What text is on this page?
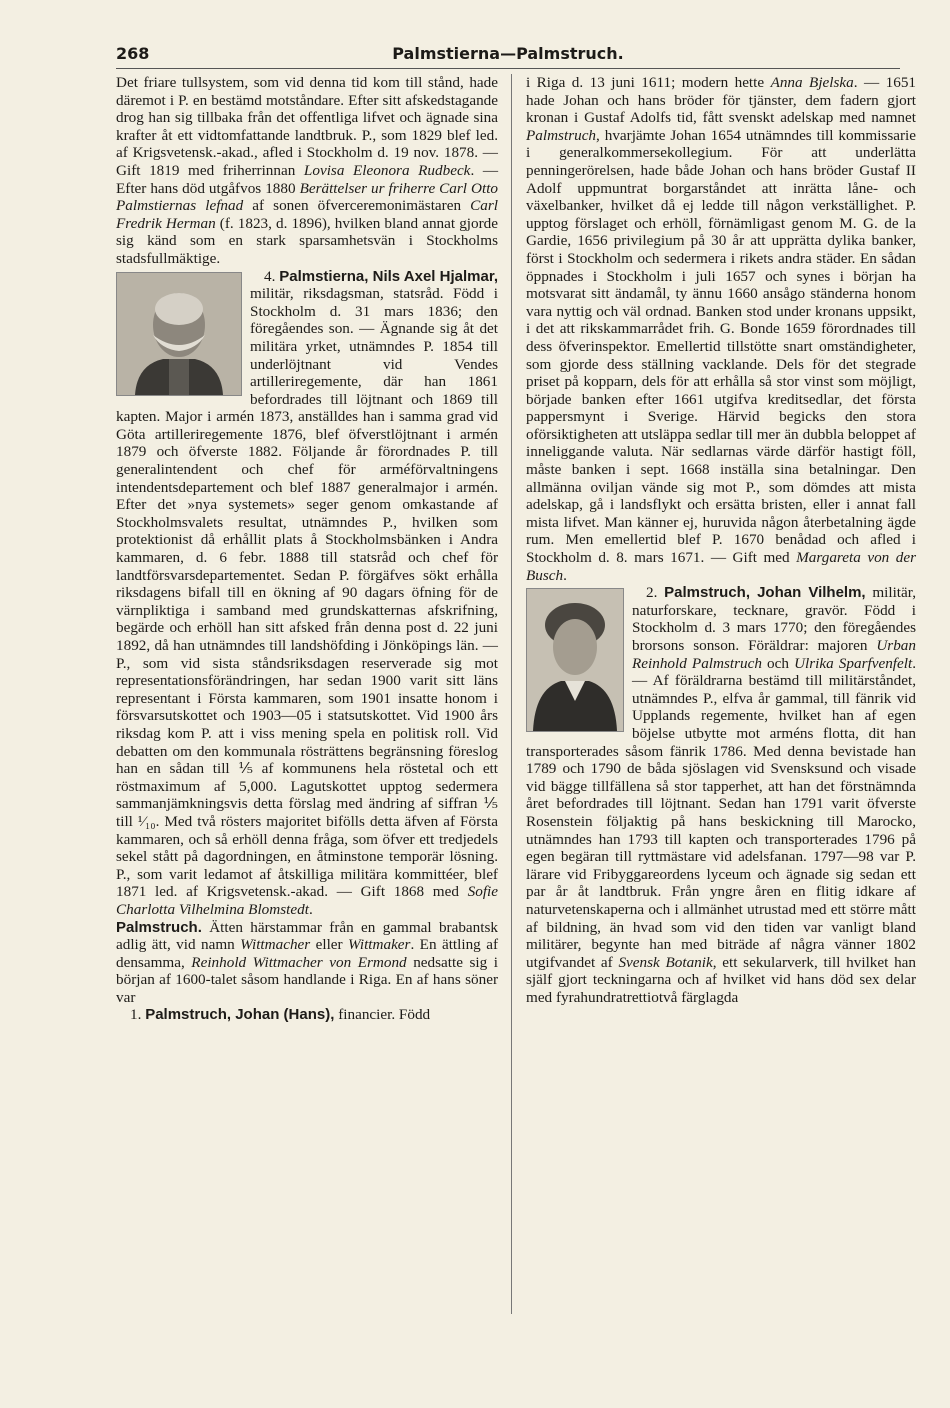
268	Palmstierna—Palmstruch.

Det friare tullsystem, som vid denna tid kom till stånd, hade däremot i P. en bestämd motståndare. Efter sitt afskedstagande drog han sig tillbaka från det offentliga lifvet och ägnade sina krafter åt ett vidtomfattande landtbruk. P., som 1829 blef led. af Krigsvetensk.-akad., afled i Stockholm d. 19 nov. 1878. — Gift 1819 med friherrinnan Lovisa Eleonora Rudbeck. — Efter hans död utgåfvos 1880 Berättelser ur friherre Carl Otto Palmstiernas lefnad af sonen öfverceremonimästaren Carl Fredrik Herman (f. 1823, d. 1896), hvilken bland annat gjorde sig känd som en stark sparsamhetsvän i Stockholms stadsfullmäktige.

4. Palmstierna, Nils Axel Hjalmar,
militär, riksdagsman, statsråd. Född i Stockholm d. 31 mars 1836; den föregåendes son. — Ägnande sig åt det militära yrket, utnämndes P. 1854 till underlöjtnant vid Vendes artilleriregemente, där han 1861 befordrades till löjtnant och 1869 till kapten. Major i armén 1873, anställdes han i samma grad vid Göta artilleriregemente 1876, blef öfverstlöjtnant i armén 1879 och öfverste 1882. Följande år förordnades P. till generalintendent och chef för arméförvaltningens intendentsdepartement och blef 1887 generalmajor i armén. Efter det »nya systemets» seger genom omkastande af Stockholmsvalets resultat, utnämndes P., hvilken som protektionist då erhållit plats å Stockholmsbänken i Andra kammaren, d. 6 febr. 1888 till statsråd och chef för landtförsvarsdepartementet. Sedan P. förgäfves sökt erhålla riksdagens bifall till en ökning af 90 dagars öfning för de värnpliktiga i samband med grundskatternas afskrifning, begärde och erhöll han sitt afsked från denna post d. 22 juni 1892, då han utnämndes till landshöfding i Jönköpings län. — P., som vid sista ståndsriksdagen reserverade sig mot representationsförändringen, har sedan 1900 varit sitt läns representant i Första kammaren, som 1901 insatte honom i försvarsutskottet och 1903—05 i statsutskottet. Vid 1900 års riksdag kom P. att i viss mening spela en politisk roll. Vid debatten om den kommunala rösträttens begränsning föreslog han en sådan till ⅕ af kommunens hela röstetal och ett röstmaximum af 5,000. Lagutskottet upptog sedermera sammanjämkningsvis detta förslag med ändring af siffran ⅕ till ¹⁄₁₀. Med två rösters majoritet bifölls detta äfven af Första kammaren, och så erhöll denna fråga, som öfver ett tredjedels sekel stått på dagordningen, en åtminstone temporär lösning. P., som varit ledamot af åtskilliga militära kommittéer, blef 1871 led. af Krigsvetensk.-akad. — Gift 1868 med Sofie Charlotta Vilhelmina Blomstedt.

Palmstruch. Ätten härstammar från en gammal brabantsk adlig ätt, vid namn Wittmacher eller Wittmaker. En ättling af densamma, Reinhold Wittmacher von Ermond nedsatte sig i början af 1600-talet såsom handlande i Riga. En af hans söner var

1. Palmstruch, Johan (Hans), financier. Född

i Riga d. 13 juni 1611; modern hette Anna Bjelska. — 1651 hade Johan och hans bröder för tjänster, dem fadern gjort kronan i Gustaf Adolfs tid, fått svenskt adelskap med namnet Palmstruch, hvarjämte Johan 1654 utnämndes till kommissarie i generalkommersekollegium. För att underlätta penningerörelsen, hade både Johan och hans bröder Gustaf II Adolf uppmuntrat borgarståndet att inrätta låne- och växelbanker, hvilket då ej ledde till någon verkställighet. P. upptog förslaget och erhöll, förnämligast genom M. G. de la Gardie, 1656 privilegium på 30 år att upprätta dylika banker, först i Stockholm och sedermera i rikets andra städer. En sådan öppnades i Stockholm i juli 1657 och synes i början ha motsvarat sitt ändamål, ty ännu 1660 ansågo ständerna honom vara nyttig och väl ordnad. Banken stod under kronans uppsikt, i det att rikskammarrådet frih. G. Bonde 1659 förordnades till dess öfverinspektor. Emellertid tillstötte snart omständigheter, som gjorde dess ställning vacklande. Dels för det stegrade priset på kopparn, dels för att erhålla så stor vinst som möjligt, började banken efter 1661 utgifva kreditsedlar, det första pappersmynt i Sverige. Härvid begicks den stora oförsiktigheten att utsläppa sedlar till mer än dubbla beloppet af inneliggande valuta. När sedlarnas värde därför hastigt föll, måste banken i sept. 1668 inställa sina betalningar. Den allmänna oviljan vände sig mot P., som dömdes att mista adelskap, gå i landsflykt och ersätta bristen, eller i annat fall mista lifvet. Man känner ej, huruvida någon återbetalning ägde rum. Men emellertid blef P. 1670 benådad och afled i Stockholm d. 8. mars 1671. — Gift med Margareta von der Busch.

2. Palmstruch, Johan Vilhelm,
militär, naturforskare, tecknare, gravör. Född i Stockholm d. 3 mars 1770; den föregåendes brorsons sonson. Föräldrar: majoren Urban Reinhold Palmstruch och Ulrika Sparfvenfelt. — Af föräldrarna bestämd till militärståndet, utnämndes P., elfva år gammal, till fänrik vid Upplands regemente, hvilket han af egen böjelse utbytte mot arméns flotta, dit han transporterades såsom fänrik 1786. Med denna bevistade han 1789 och 1790 de båda sjöslagen vid Svensksund och visade vid bägge tillfällena så stor tapperhet, att han det förstnämnda året befordrades till löjtnant. Sedan han 1791 varit öfverste Rosenstein följaktig på hans beskickning till Marocko, utnämndes han 1793 till kapten och transporterades 1796 på egen begäran till ryttmästare vid adelsfanan. 1797—98 var P. lärare vid Fribyggareordens lyceum och ägnade sig sedan ett par år åt landtbruk. Från yngre åren en flitig idkare af naturvetenskaperna och i allmänhet utrustad med ett större mått af bildning, än hvad som vid den tiden var vanligt bland militärer, begynte han med biträde af några vänner 1802 utgifvandet af Svensk Botanik, ett sekularverk, till hvilket han själf gjort teckningarna och af hvilket vid hans död sex delar med fyrahundratrettiotvå färglagda
